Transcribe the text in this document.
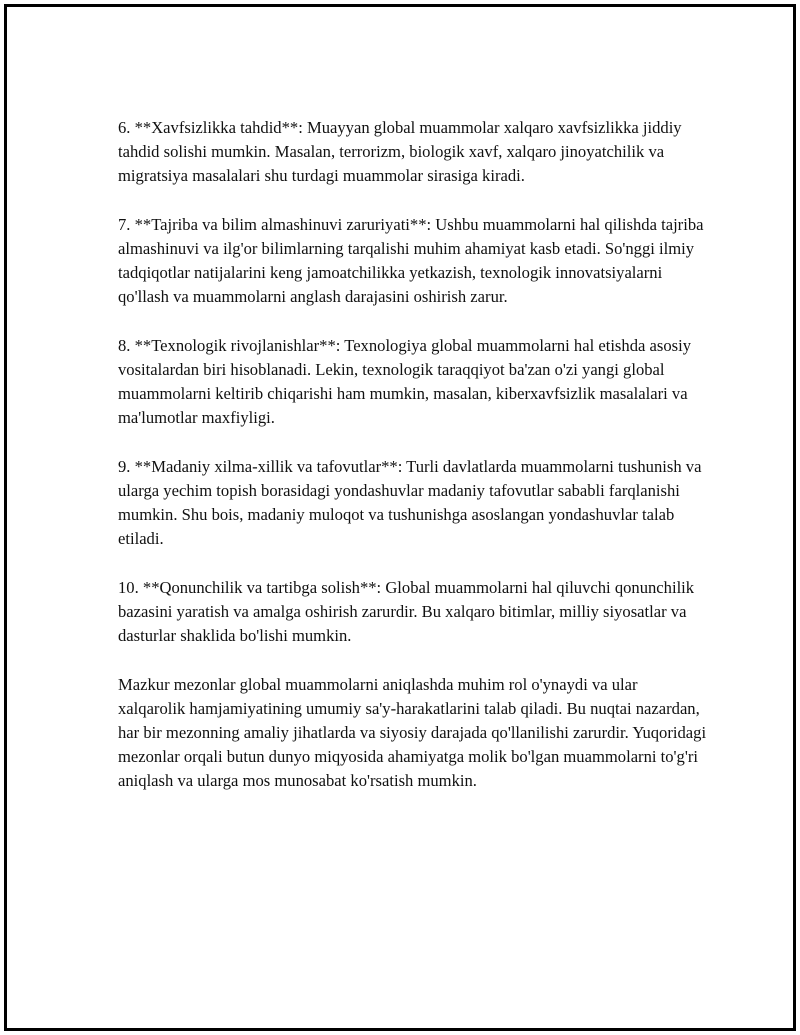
6. **Xavfsizlikka tahdid**: Muayyan global muammolar xalqaro xavfsizlikka jiddiy tahdid solishi mumkin. Masalan, terrorizm, biologik xavf, xalqaro jinoyatchilik va migratsiya masalalari shu turdagi muammolar sirasiga kiradi.

7. **Tajriba va bilim almashinuvi zaruriyati**: Ushbu muammolarni hal qilishda tajriba almashinuvi va ilg'or bilimlarning tarqalishi muhim ahamiyat kasb etadi. So'nggi ilmiy tadqiqotlar natijalarini keng jamoatchilikka yetkazish, texnologik innovatsiyalarni qo'llash va muammolarni anglash darajasini oshirish zarur.

8. **Texnologik rivojlanishlar**: Texnologiya global muammolarni hal etishda asosiy vositalardan biri hisoblanadi. Lekin, texnologik taraqqiyot ba'zan o'zi yangi global muammolarni keltirib chiqarishi ham mumkin, masalan, kiberxavfsizlik masalalari va ma'lumotlar maxfiyligi.

9. **Madaniy xilma-xillik va tafovutlar**: Turli davlatlarda muammolarni tushunish va ularga yechim topish borasidagi yondashuvlar madaniy tafovutlar sababli farqlanishi mumkin. Shu bois, madaniy muloqot va tushunishga asoslangan yondashuvlar talab etiladi.

10. **Qonunchilik va tartibga solish**: Global muammolarni hal qiluvchi qonunchilik bazasini yaratish va amalga oshirish zarurdir. Bu xalqaro bitimlar, milliy siyosatlar va dasturlar shaklida bo'lishi mumkin.

Mazkur mezonlar global muammolarni aniqlashda muhim rol o'ynaydi va ular xalqarolik hamjamiyatining umumiy sa'y-harakatlarini talab qiladi. Bu nuqtai nazardan, har bir mezonning amaliy jihatlarda va siyosiy darajada qo'llanilishi zarurdir. Yuqoridagi mezonlar orqali butun dunyo miqyosida ahamiyatga molik bo'lgan muammolarni to'g'ri aniqlash va ularga mos munosabat ko'rsatish mumkin.
